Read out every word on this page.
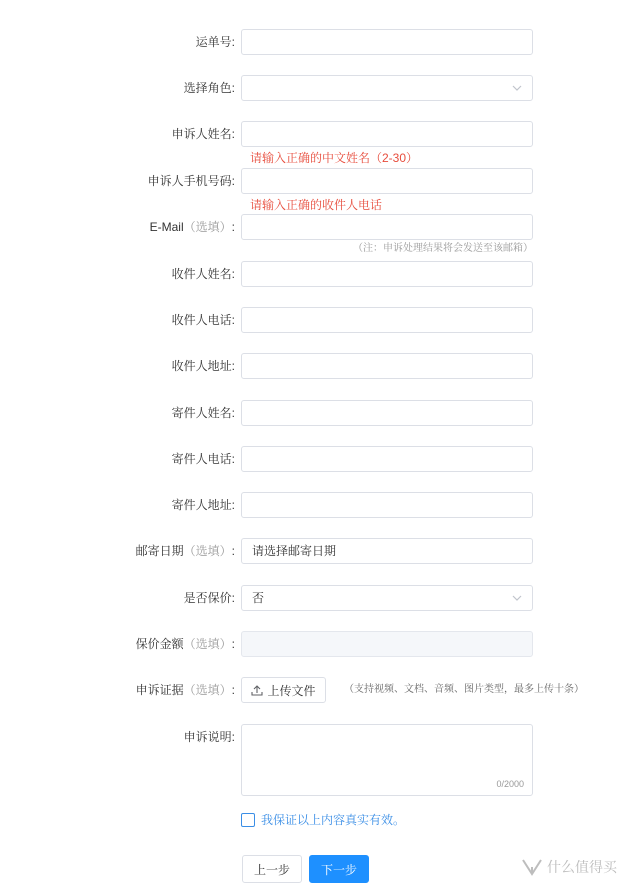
运单号:
选择角色:
申诉人姓名:
请输入正确的中文姓名（2-30）
申诉人手机号码:
请输入正确的收件人电话
E-Mail（选填）:
（注：申诉处理结果将会发送至该邮箱）
收件人姓名:
收件人电话:
收件人地址:
寄件人姓名:
寄件人电话:
寄件人地址:
邮寄日期（选填）:	请选择邮寄日期
是否保价:	否
保价金额（选填）:
申诉证据（选填）:	上传文件	（支持视频、文档、音频、图片类型，最多上传十条）
申诉说明:
0/2000
我保证以上内容真实有效。
上一步	下一步	什么值得买
